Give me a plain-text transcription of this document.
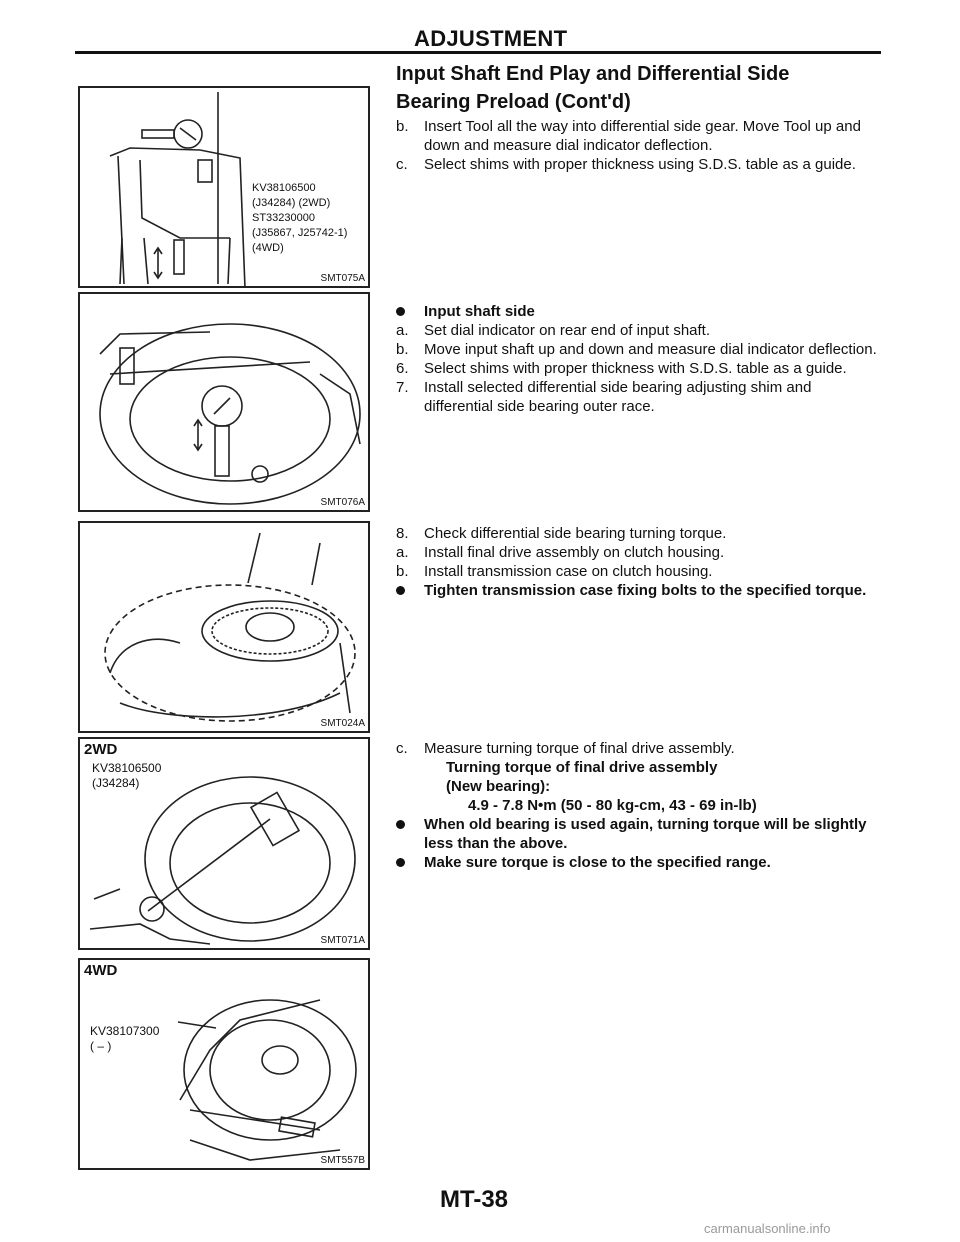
ADJUSTMENT
Input Shaft End Play and Differential Side
Bearing Preload (Cont'd)
KV38106500
(J34284) (2WD)
ST33230000
(J35867, J25742-1)
(4WD)
SMT075A
SMT076A
SMT024A
2WD
KV38106500
(J34284)
SMT071A
4WD
KV38107300
( – )
SMT557B
b.	Insert Tool all the way into differential side gear. Move Tool up and down and measure dial indicator deflection.
c.	Select shims with proper thickness using S.D.S. table as a guide.
Input shaft side
a.	Set dial indicator on rear end of input shaft.
b.	Move input shaft up and down and measure dial indicator deflection.
6.	Select shims with proper thickness with S.D.S. table as a guide.
7.	Install selected differential side bearing adjusting shim and differential side bearing outer race.
8.	Check differential side bearing turning torque.
a.	Install final drive assembly on clutch housing.
b.	Install transmission case on clutch housing.
Tighten transmission case fixing bolts to the specified torque.
c.	Measure turning torque of final drive assembly.
Turning torque of final drive assembly
(New bearing):
4.9 - 7.8 N•m (50 - 80 kg-cm, 43 - 69 in-lb)
When old bearing is used again, turning torque will be slightly less than the above.
Make sure torque is close to the specified range.
MT-38
carmanualsonline.info
